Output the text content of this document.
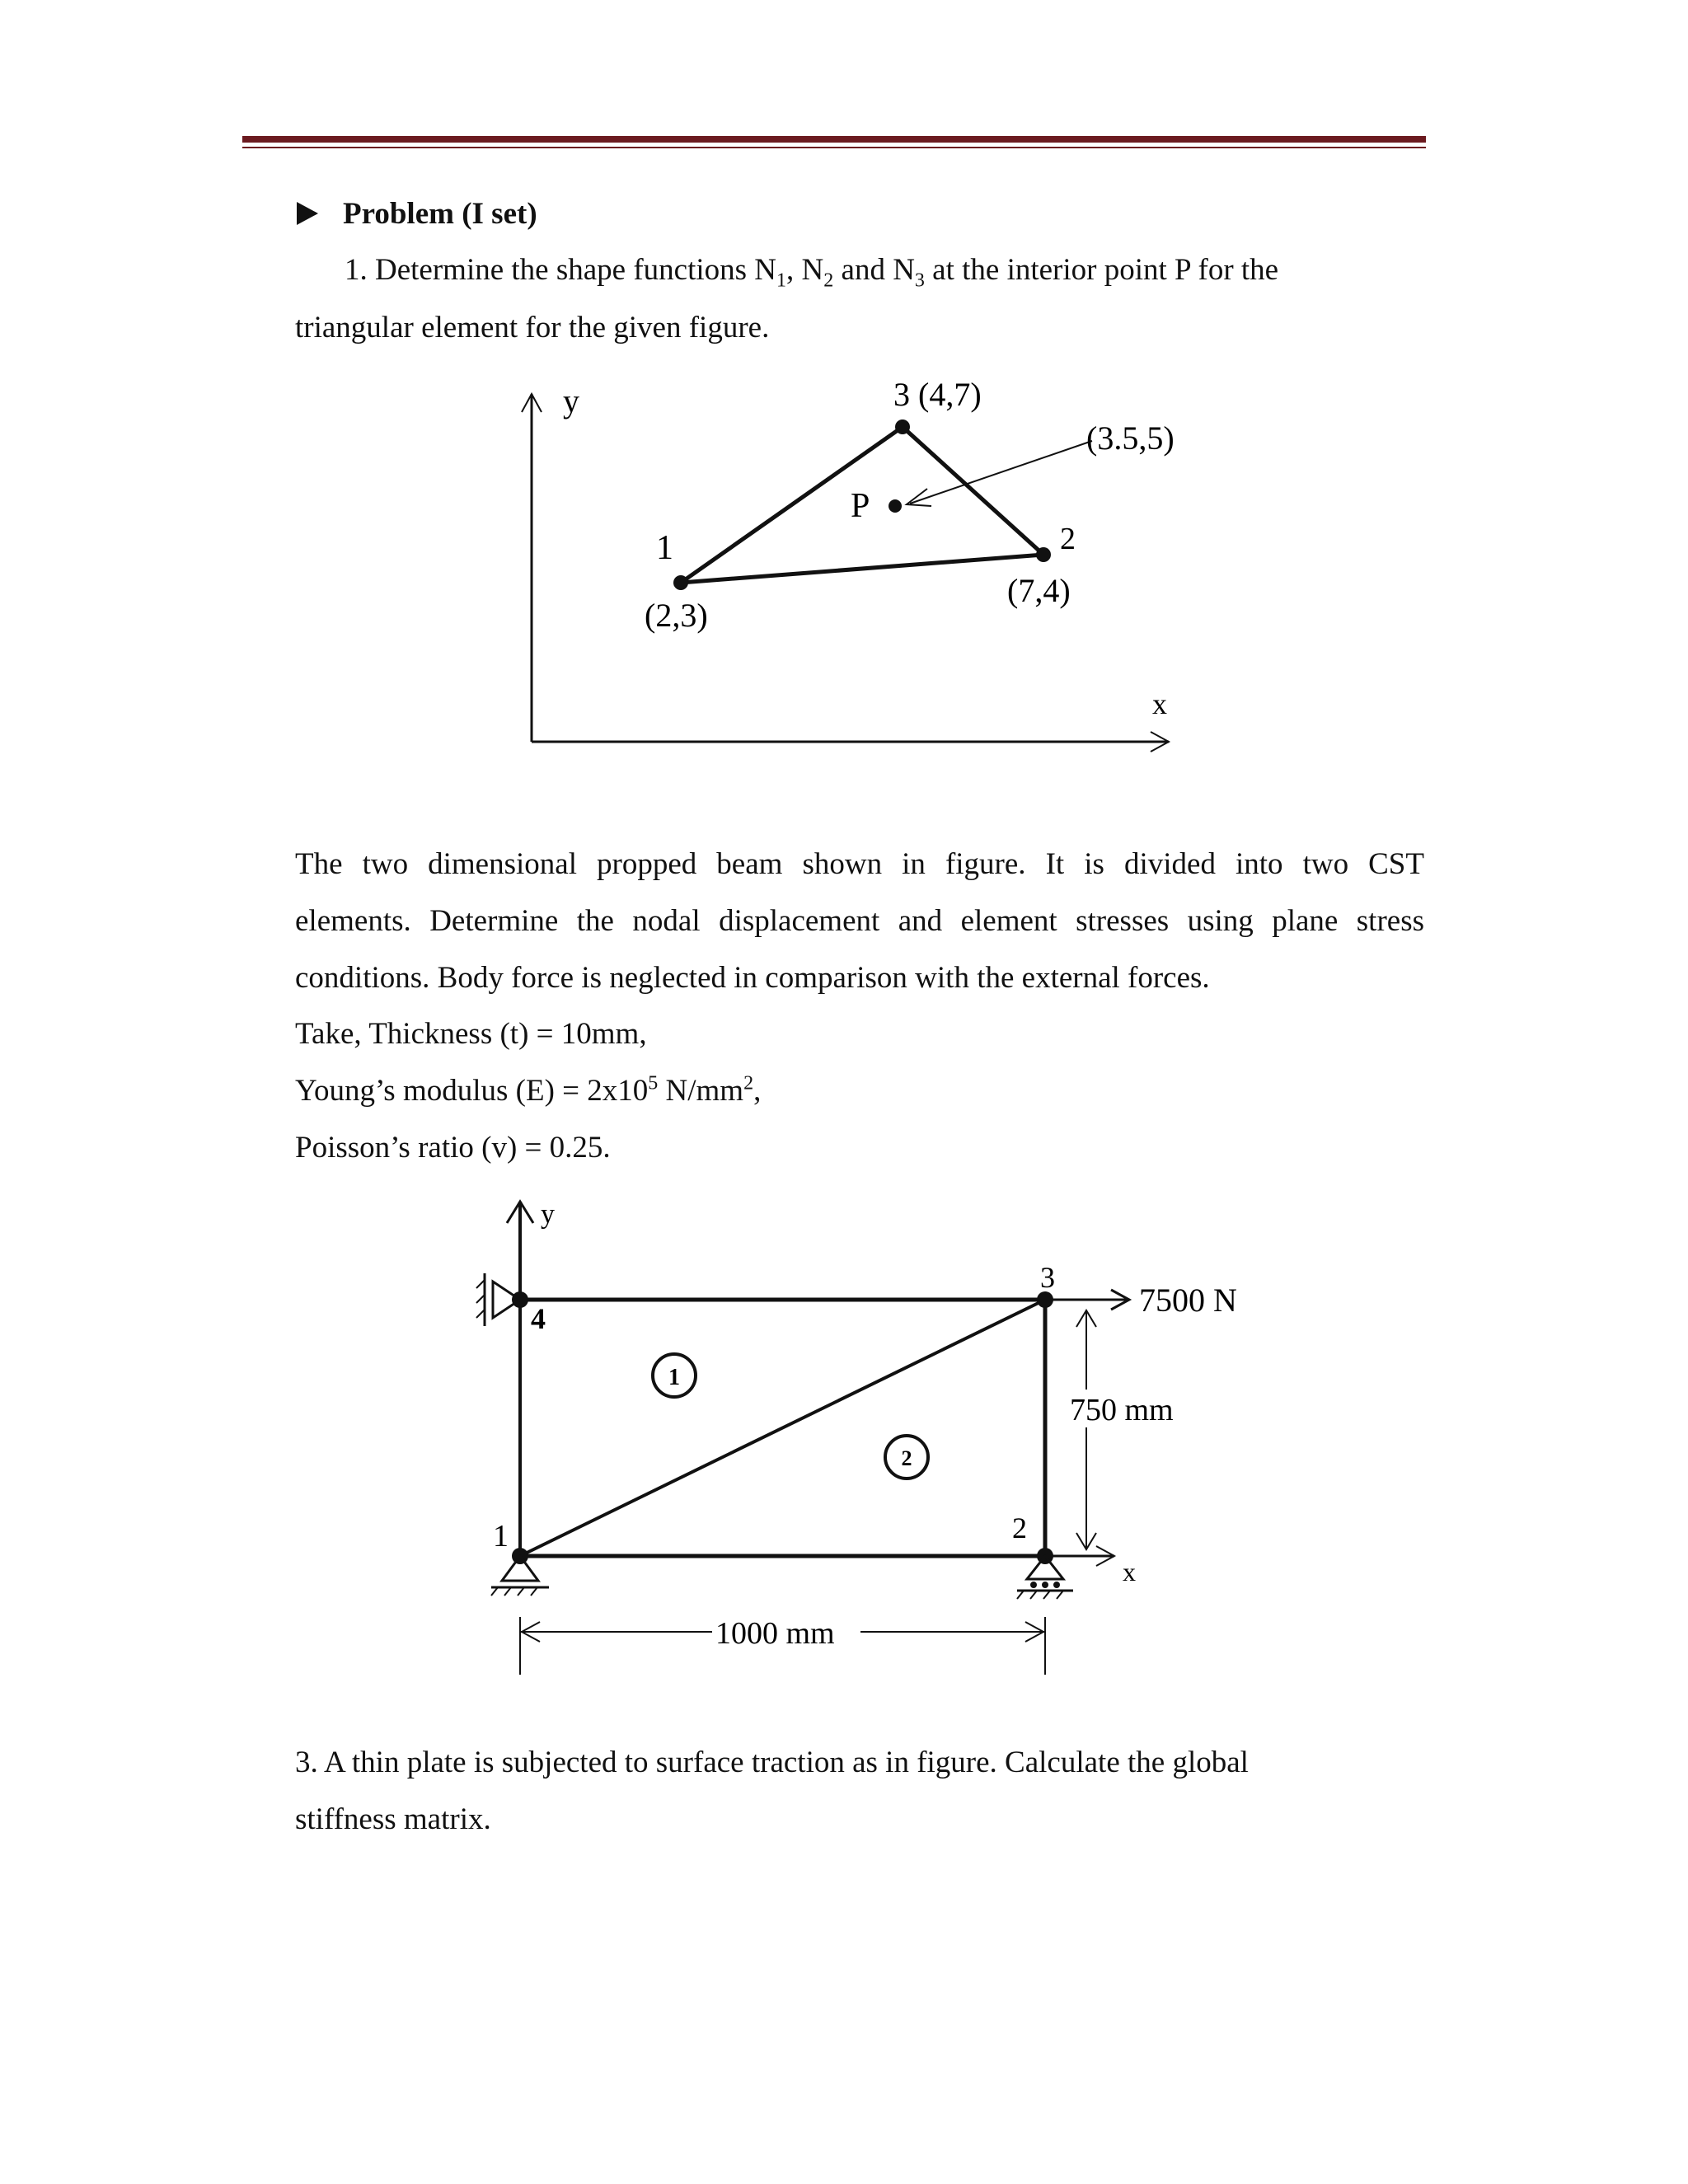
Problem (I set)
1. Determine the shape functions $N_1$, $N_2$ and $N_3$ at the interior point P for the
triangular element for the given figure.
y
x
1
(2,3)
2
(7,4)
3 (4,7)
P
(3.5,5)
The two dimensional propped beam shown in figure. It is divided into two CST
elements. Determine the nodal displacement and element stresses using plane stress
conditions. Body force is neglected in comparison with the external forces.
Take, Thickness (t) = 10mm,
Young’s modulus $(E) = 2x10^5$ $N/mm^2$,
Poisson’s ratio (v) = 0.25.
y
x
1	2
3
4
1
2
7500 N
750 mm
1000 mm
3. A thin plate is subjected to surface traction as in figure. Calculate the global
stiffness matrix.
